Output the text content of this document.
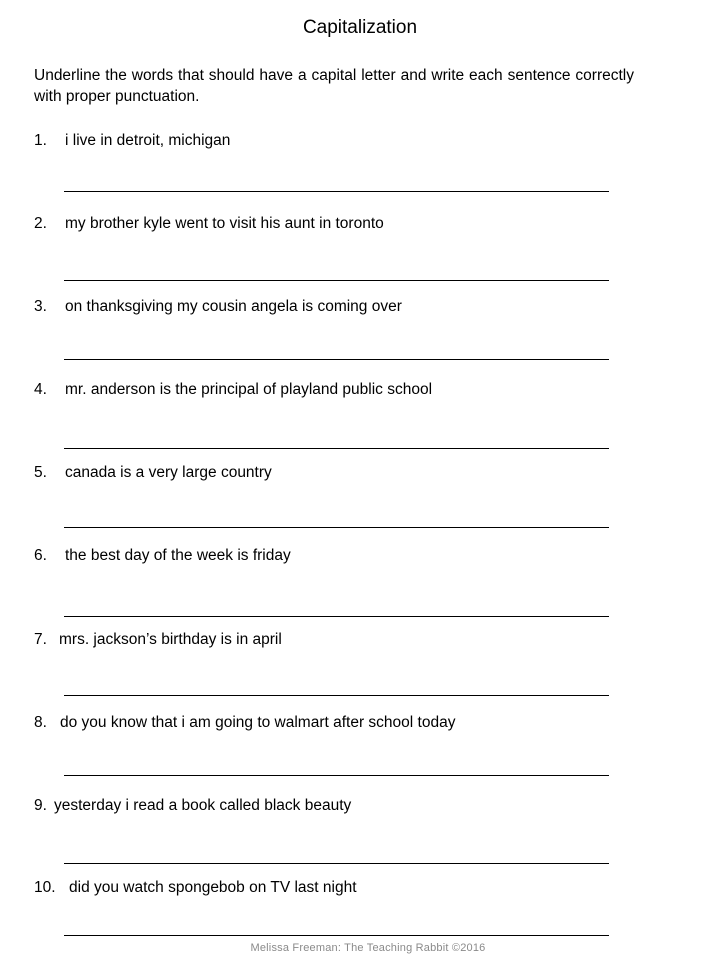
Capitalization
Underline the words that should have a capital letter and write each sentence correctly with proper punctuation.
1. i live in detroit, michigan
2. my brother kyle went to visit his aunt in toronto
3. on thanksgiving my cousin angela is coming over
4. mr. anderson is the principal of playland public school
5. canada is a very large country
6. the best day of the week is friday
7. mrs. jackson’s birthday is in april
8. do you know that i am going to walmart after school today
9. yesterday i read a book called black beauty
10. did you watch spongebob on TV last night
Melissa Freeman: The Teaching Rabbit ©2016
